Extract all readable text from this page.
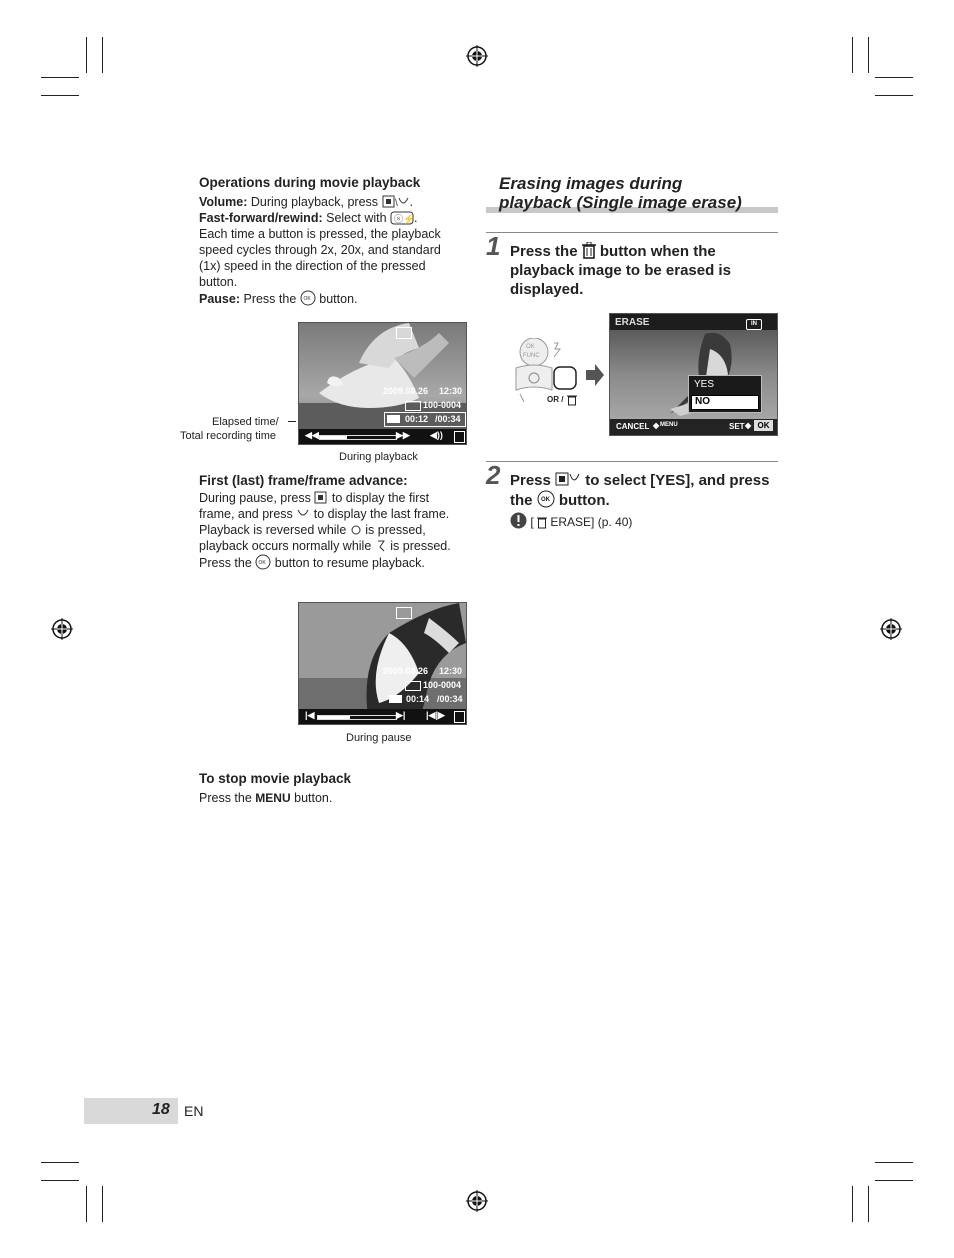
Operations during movie playback
Volume: During playback, press \ .
Fast-forward/rewind: Select with ⓢ⚡ .
Each time a button is pressed, the playback speed cycles through 2x, 20x, and standard (1x) speed in the direction of the pressed button.
Pause: Press the OK button.
2009.08.26 12:30
100-0004
00:12 /00:34
◀◀	▶▶ ◀))
Elapsed time/
Total recording time
During playback
First (last) frame/frame advance:
During pause, press to display the first frame, and press to display the last frame. Playback is reversed while is pressed, playback occurs normally while is pressed. Press the OK button to resume playback.
2009.08.26 12:30
100-0004
00:14 /00:34
|◀	▶| |◀|▶
During pause
To stop movie playback
Press the MENU button.
Erasing images during
playback (Single image erase)
1 Press the button when the playback image to be erased is displayed.
OK
FUNC
OR /
ERASE	IN
YES
NO
CANCEL ◆ MENU	SET ◆ OK
2 Press to select [YES], and press the OK button.
[ ERASE] (p. 40)
18 EN
